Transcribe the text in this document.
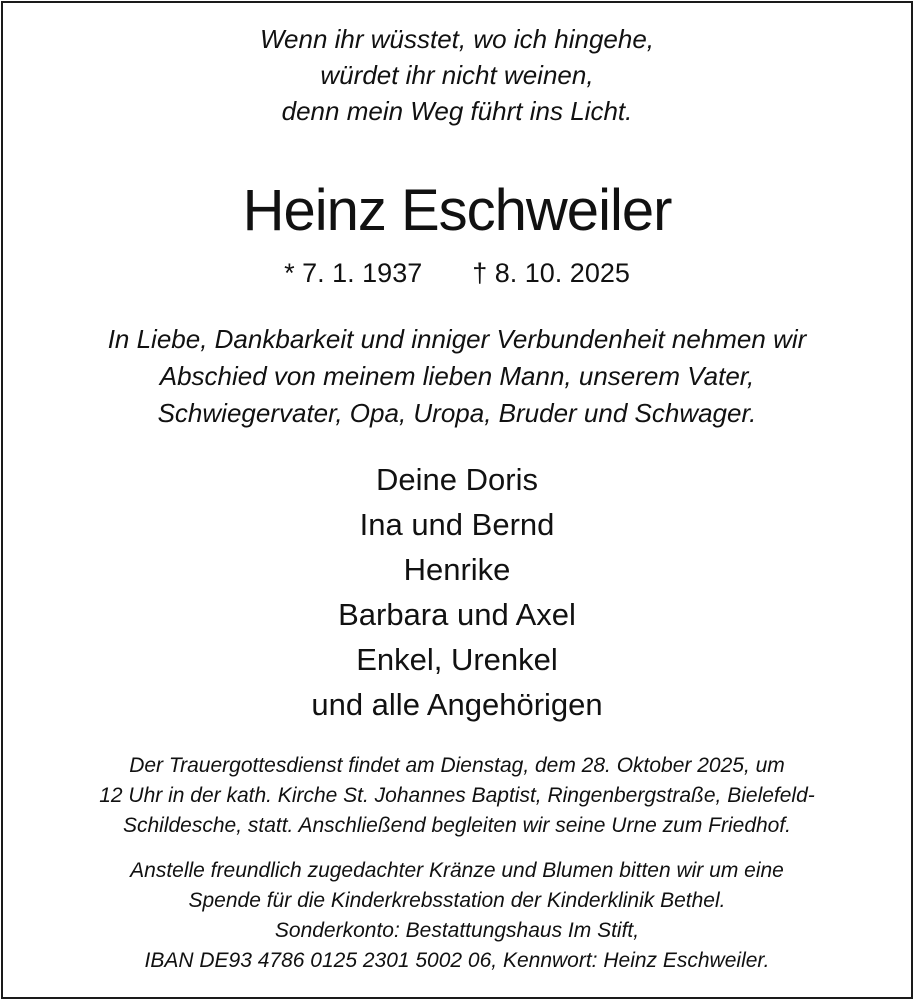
Wenn ihr wüsstet, wo ich hingehe,
würdet ihr nicht weinen,
denn mein Weg führt ins Licht.
Heinz Eschweiler
* 7. 1. 1937 † 8. 10. 2025
In Liebe, Dankbarkeit und inniger Verbundenheit nehmen wir
Abschied von meinem lieben Mann, unserem Vater,
Schwiegervater, Opa, Uropa, Bruder und Schwager.
Deine Doris
Ina und Bernd
Henrike
Barbara und Axel
Enkel, Urenkel
und alle Angehörigen
Der Trauergottesdienst findet am Dienstag, dem 28. Oktober 2025, um
12 Uhr in der kath. Kirche St. Johannes Baptist, Ringenbergstraße, Bielefeld-
Schildesche, statt. Anschließend begleiten wir seine Urne zum Friedhof.
Anstelle freundlich zugedachter Kränze und Blumen bitten wir um eine
Spende für die Kinderkrebsstation der Kinderklinik Bethel.
Sonderkonto: Bestattungshaus Im Stift,
IBAN DE93 4786 0125 2301 5002 06, Kennwort: Heinz Eschweiler.
